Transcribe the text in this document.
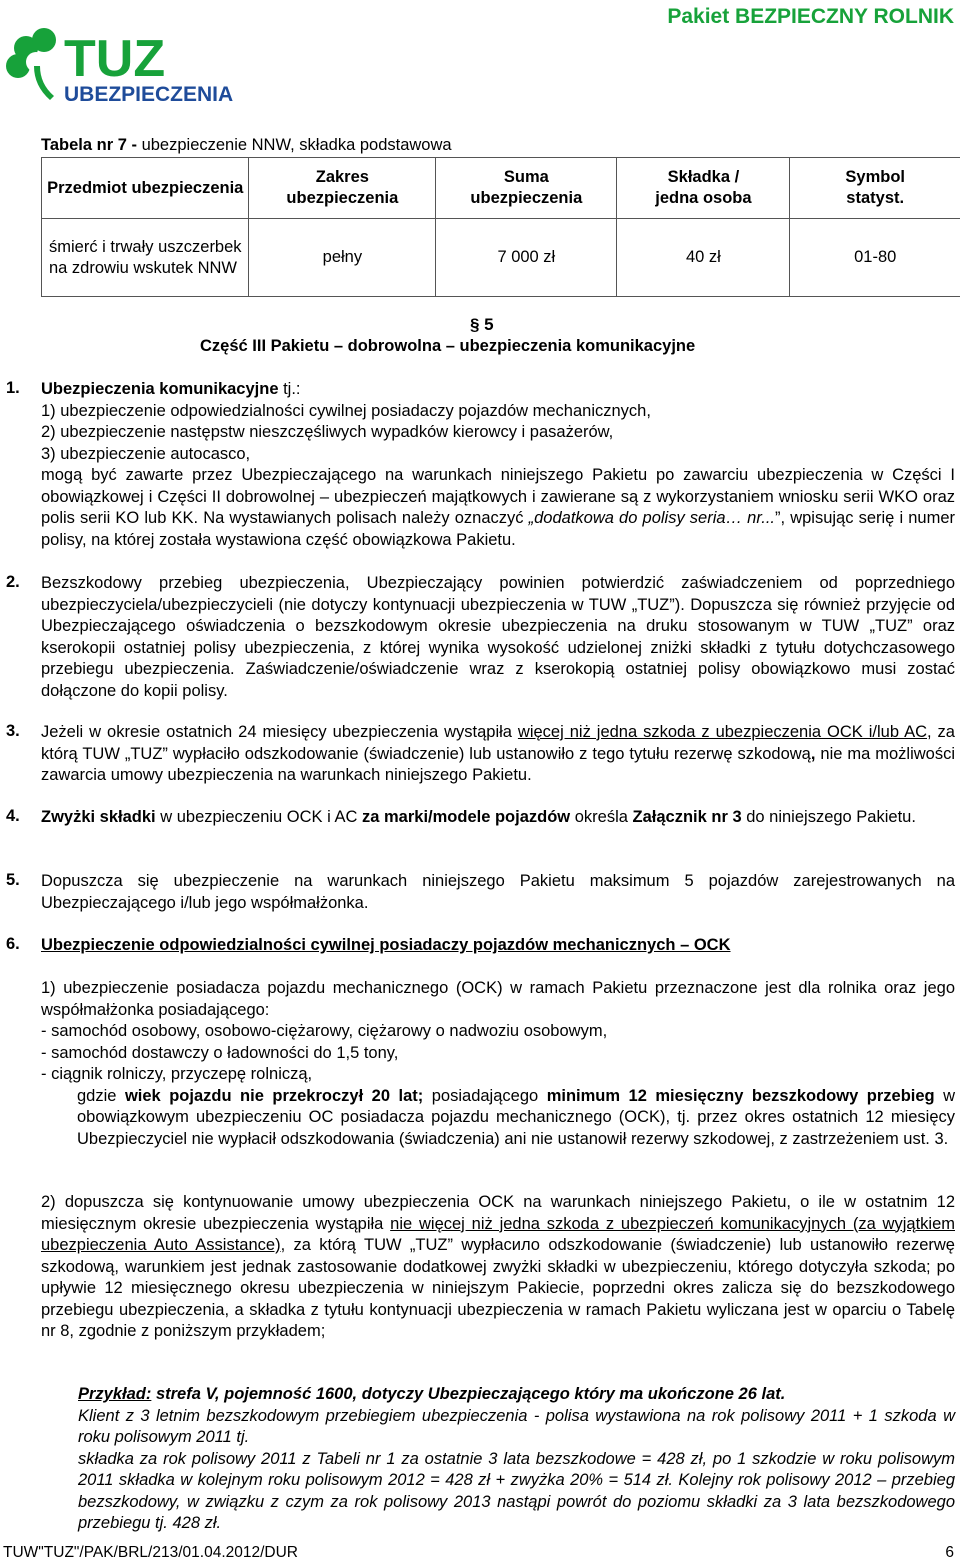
TUZ
UBEZPIECZENIA
Pakiet BEZPIECZNY ROLNIK
Tabela nr 7 - ubezpieczenie NNW, składka podstawowa
Przedmiot ubezpieczenia	Zakres ubezpieczenia	Suma ubezpieczenia	Składka / jedna osoba	Symbol statyst.
śmierć i trwały uszczerbek na zdrowiu wskutek NNW	pełny	7 000 zł	40 zł	01-80
§ 5
Część III Pakietu – dobrowolna – ubezpieczenia komunikacyjne
1. Ubezpieczenia komunikacyjne tj.:

1) ubezpieczenie odpowiedzialności cywilnej posiadaczy pojazdów mechanicznych,

2) ubezpieczenie następstw nieszczęśliwych wypadków kierowcy i pasażerów,

3) ubezpieczenie autocasco,

mogą być zawarte przez Ubezpieczającego na warunkach niniejszego Pakietu po zawarciu ubezpieczenia w Części I obowiązkowej i Części II dobrowolnej – ubezpieczeń majątkowych i zawierane są z wykorzystaniem wniosku serii WKO oraz polis serii KO lub KK. Na wystawianych polisach należy oznaczyć „dodatkowa do polisy seria… nr...”, wpisując serię i numer polisy, na której została wystawiona część obowiązkowa Pakietu.

2. Bezszkodowy przebieg ubezpieczenia, Ubezpieczający powinien potwierdzić zaświadczeniem od poprzedniego ubezpieczyciela/ubezpieczycieli (nie dotyczy kontynuacji ubezpieczenia w TUW „TUZ”). Dopuszcza się również przyjęcie od Ubezpieczającego oświadczenia o bezszkodowym okresie ubezpieczenia na druku stosowanym w TUW „TUZ” oraz kserokopii ostatniej polisy ubezpieczenia, z której wynika wysokość udzielonej zniżki składki z tytułu dotychczasowego przebiegu ubezpieczenia. Zaświadczenie/oświadczenie wraz z kserokopią ostatniej polisy obowiązkowo musi zostać dołączone do kopii polisy.

3. Jeżeli w okresie ostatnich 24 miesięcy ubezpieczenia wystąpiła więcej niż jedna szkoda z ubezpieczenia OCK i/lub AC, za którą TUW „TUZ” wypłaciło odszkodowanie (świadczenie) lub ustanowiło z tego tytułu rezerwę szkodową, nie ma możliwości zawarcia umowy ubezpieczenia na warunkach niniejszego Pakietu.

4. Zwyżki składki w ubezpieczeniu OCK i AC za marki/modele pojazdów określa Załącznik nr 3 do niniejszego Pakietu.

5. Dopuszcza się ubezpieczenie na warunkach niniejszego Pakietu maksimum 5 pojazdów zarejestrowanych na Ubezpieczającego i/lub jego współmałżonka.

6. Ubezpieczenie odpowiedzialności cywilnej posiadaczy pojazdów mechanicznych – OCK

1) ubezpieczenie posiadacza pojazdu mechanicznego (OCK) w ramach Pakietu przeznaczone jest dla rolnika oraz jego współmałżonka posiadającego:

- samochód osobowy, osobowo-ciężarowy, ciężarowy o nadwoziu osobowym,

- samochód dostawczy o ładowności do 1,5 tony,

- ciągnik rolniczy, przyczepę rolniczą,

gdzie wiek pojazdu nie przekroczył 20 lat; posiadającego minimum 12 miesięczny bezszkodowy przebieg w obowiązkowym ubezpieczeniu OC posiadacza pojazdu mechanicznego (OCK), tj. przez okres ostatnich 12 miesięcy Ubezpieczyciel nie wypłacił odszkodowania (świadczenia) ani nie ustanowił rezerwy szkodowej, z zastrzeżeniem ust. 3.

2) dopuszcza się kontynuowanie umowy ubezpieczenia OCK na warunkach niniejszego Pakietu, o ile w ostatnim 12 miesięcznym okresie ubezpieczenia wystąpiła nie więcej niż jedna szkoda z ubezpieczeń komunikacyjnych (za wyjątkiem ubezpieczenia Auto Assistance), za którą TUW „TUZ” wypłacило odszkodowanie (świadczenie) lub ustanowiło rezerwę szkodową, warunkiem jest jednak zastosowanie dodatkowej zwyżki składki w ubezpieczeniu, którego dotyczyła szkoda; po upływie 12 miesięcznego okresu ubezpieczenia w niniejszym Pakiecie, poprzedni okres zalicza się do bezszkodowego przebiegu ubezpieczenia, a składka z tytułu kontynuacji ubezpieczenia w ramach Pakietu wyliczana jest w oparciu o Tabelę nr 8, zgodnie z poniższym przykładem;

Przykład: strefa V, pojemność 1600, dotyczy Ubezpieczającego który ma ukończone 26 lat.

Klient z 3 letnim bezszkodowym przebiegiem ubezpieczenia - polisa wystawiona na rok polisowy 2011 + 1 szkoda w roku polisowym 2011 tj.

składka za rok polisowy 2011 z Tabeli nr 1 za ostatnie 3 lata bezszkodowe = 428 zł, po 1 szkodzie w roku polisowym 2011 składka w kolejnym roku polisowym 2012 = 428 zł + zwyżka 20% = 514 zł. Kolejny rok polisowy 2012 – przebieg bezszkodowy, w związku z czym za rok polisowy 2013 nastąpi powrót do poziomu składki za 3 lata bezszkodowego przebiegu tj. 428 zł.

TUW"TUZ"/PAK/BRL/213/01.04.2012/DUR	6
